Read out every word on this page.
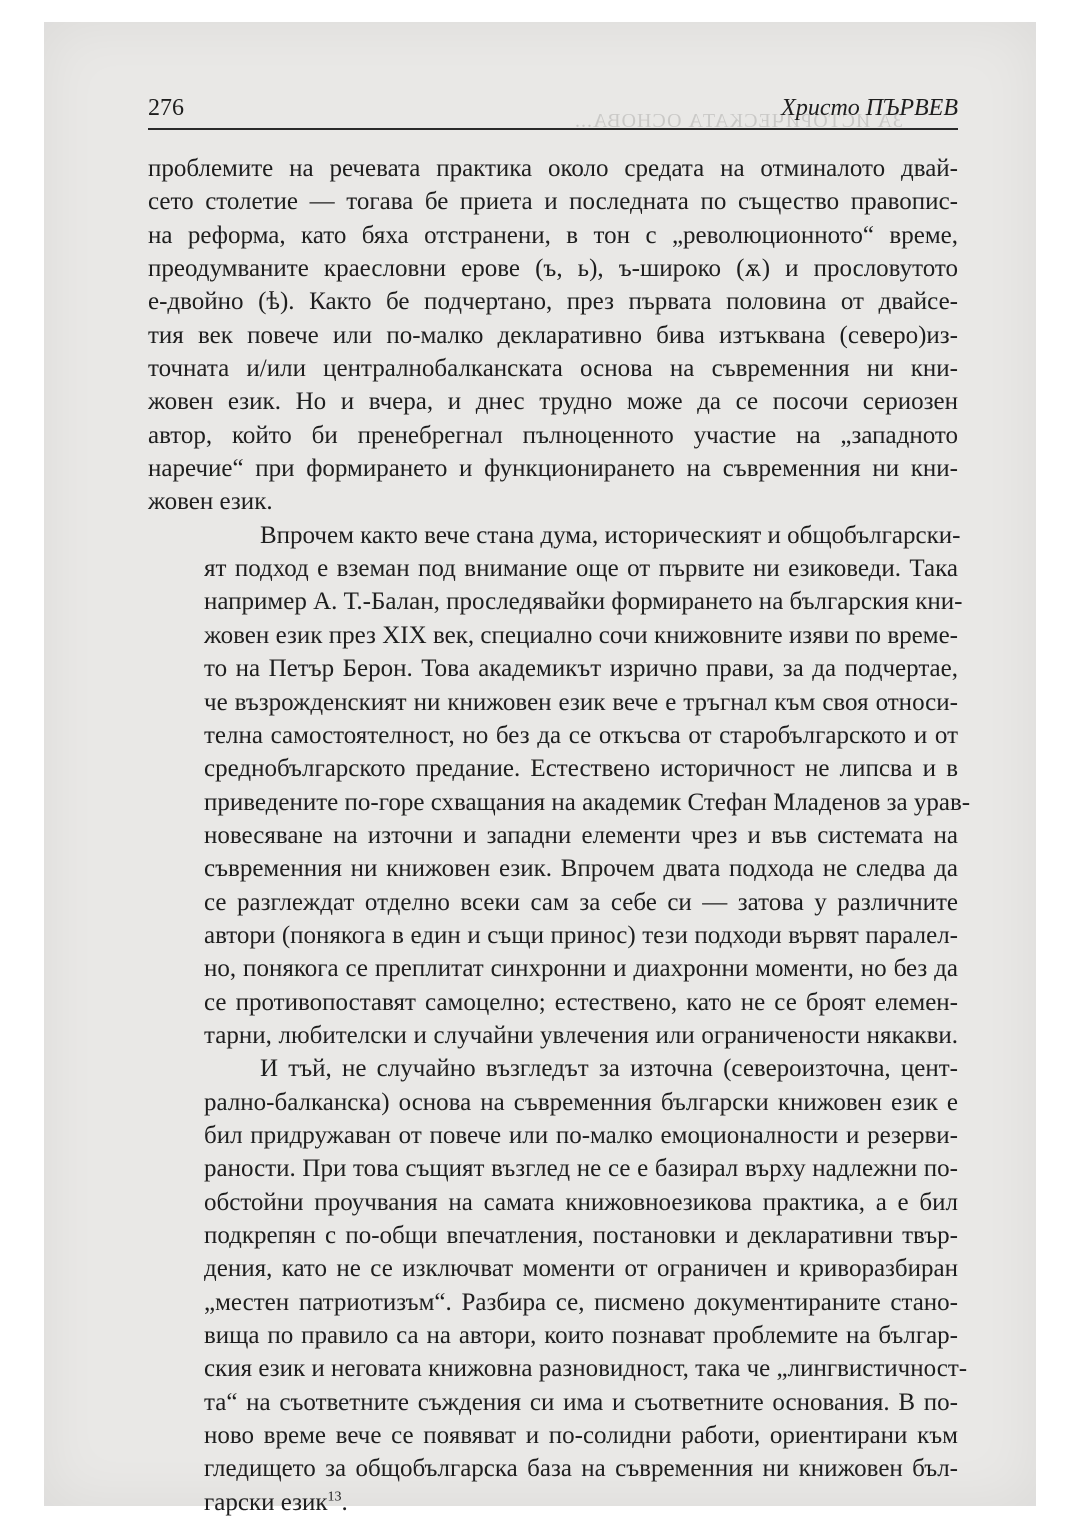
ЗА ИСТОРИЧЕСКАТА ОСНОВА...
276	Христо ПЪРВЕВ

проблемите на речевата практика около средата на отминалото двай-
сето столетие — тогава бе приета и последната по същество правопис-
на реформа, като бяха отстранени, в тон с „революционното“ време,
преодумваните краесловни ерове (ъ, ь), ъ-широко (ѫ) и прословутото
е-двойно (ѣ). Както бе подчертано, през първата половина от двайсе-
тия век повече или по-малко декларативно бива изтъквана (северо)из-
точната и/или централнобалканската основа на съвременния ни кни-
жовен език. Но и вчера, и днес трудно може да се посочи сериозен
автор, който би пренебрегнал пълноценното участие на „западното
наречие“ при формирането и функционирането на съвременния ни кни-
жовен език.

Впрочем както вече стана дума, историческият и общобългарски-
ят подход е вземан под внимание още от първите ни езиковеди. Така
например А. Т.-Балан, проследявайки формирането на българския кни-
жовен език през XIX век, специално сочи книжовните изяви по време-
то на Петър Берон. Това академикът изрично прави, за да подчертае,
че възрожденският ни книжовен език вече е тръгнал към своя относи-
телна самостоятелност, но без да се откъсва от старобългарското и от
среднобългарското предание. Естествено историчност не липсва и в
приведените по-горе схващания на академик Стефан Младенов за урав-
новесяване на източни и западни елементи чрез и във системата на
съвременния ни книжовен език. Впрочем двата подхода не следва да
се разглеждат отделно всеки сам за себе си — затова у различните
автори (понякога в един и същи принос) тези подходи вървят паралел-
но, понякога се преплитат синхронни и диахронни моменти, но без да
се противопоставят самоцелно; естествено, като не се броят елемен-
тарни, любителски и случайни увлечения или ограничености някакви.

И тъй, не случайно възгледът за източна (североизточна, цент-
рално-балканска) основа на съвременния български книжовен език е
бил придружаван от повече или по-малко емоционалности и резерви-
раности. При това същият възглед не се е базирал върху надлежни по-
обстойни проучвания на самата книжовноезикова практика, а е бил
подкрепян с по-общи впечатления, постановки и декларативни твър-
дения, като не се изключват моменти от ограничен и криворазбиран
„местен патриотизъм“. Разбира се, писмено документираните стано-
вища по правило са на автори, които познават проблемите на българ-
ския език и неговата книжовна разновидност, така че „лингвистичност-
та“ на съответните съждения си има и съответните основания. В по-
ново време вече се появяват и по-солидни работи, ориентирани към
гледището за общобългарска база на съвременния ни книжовен бъл-
гарски език$^{13}$.
